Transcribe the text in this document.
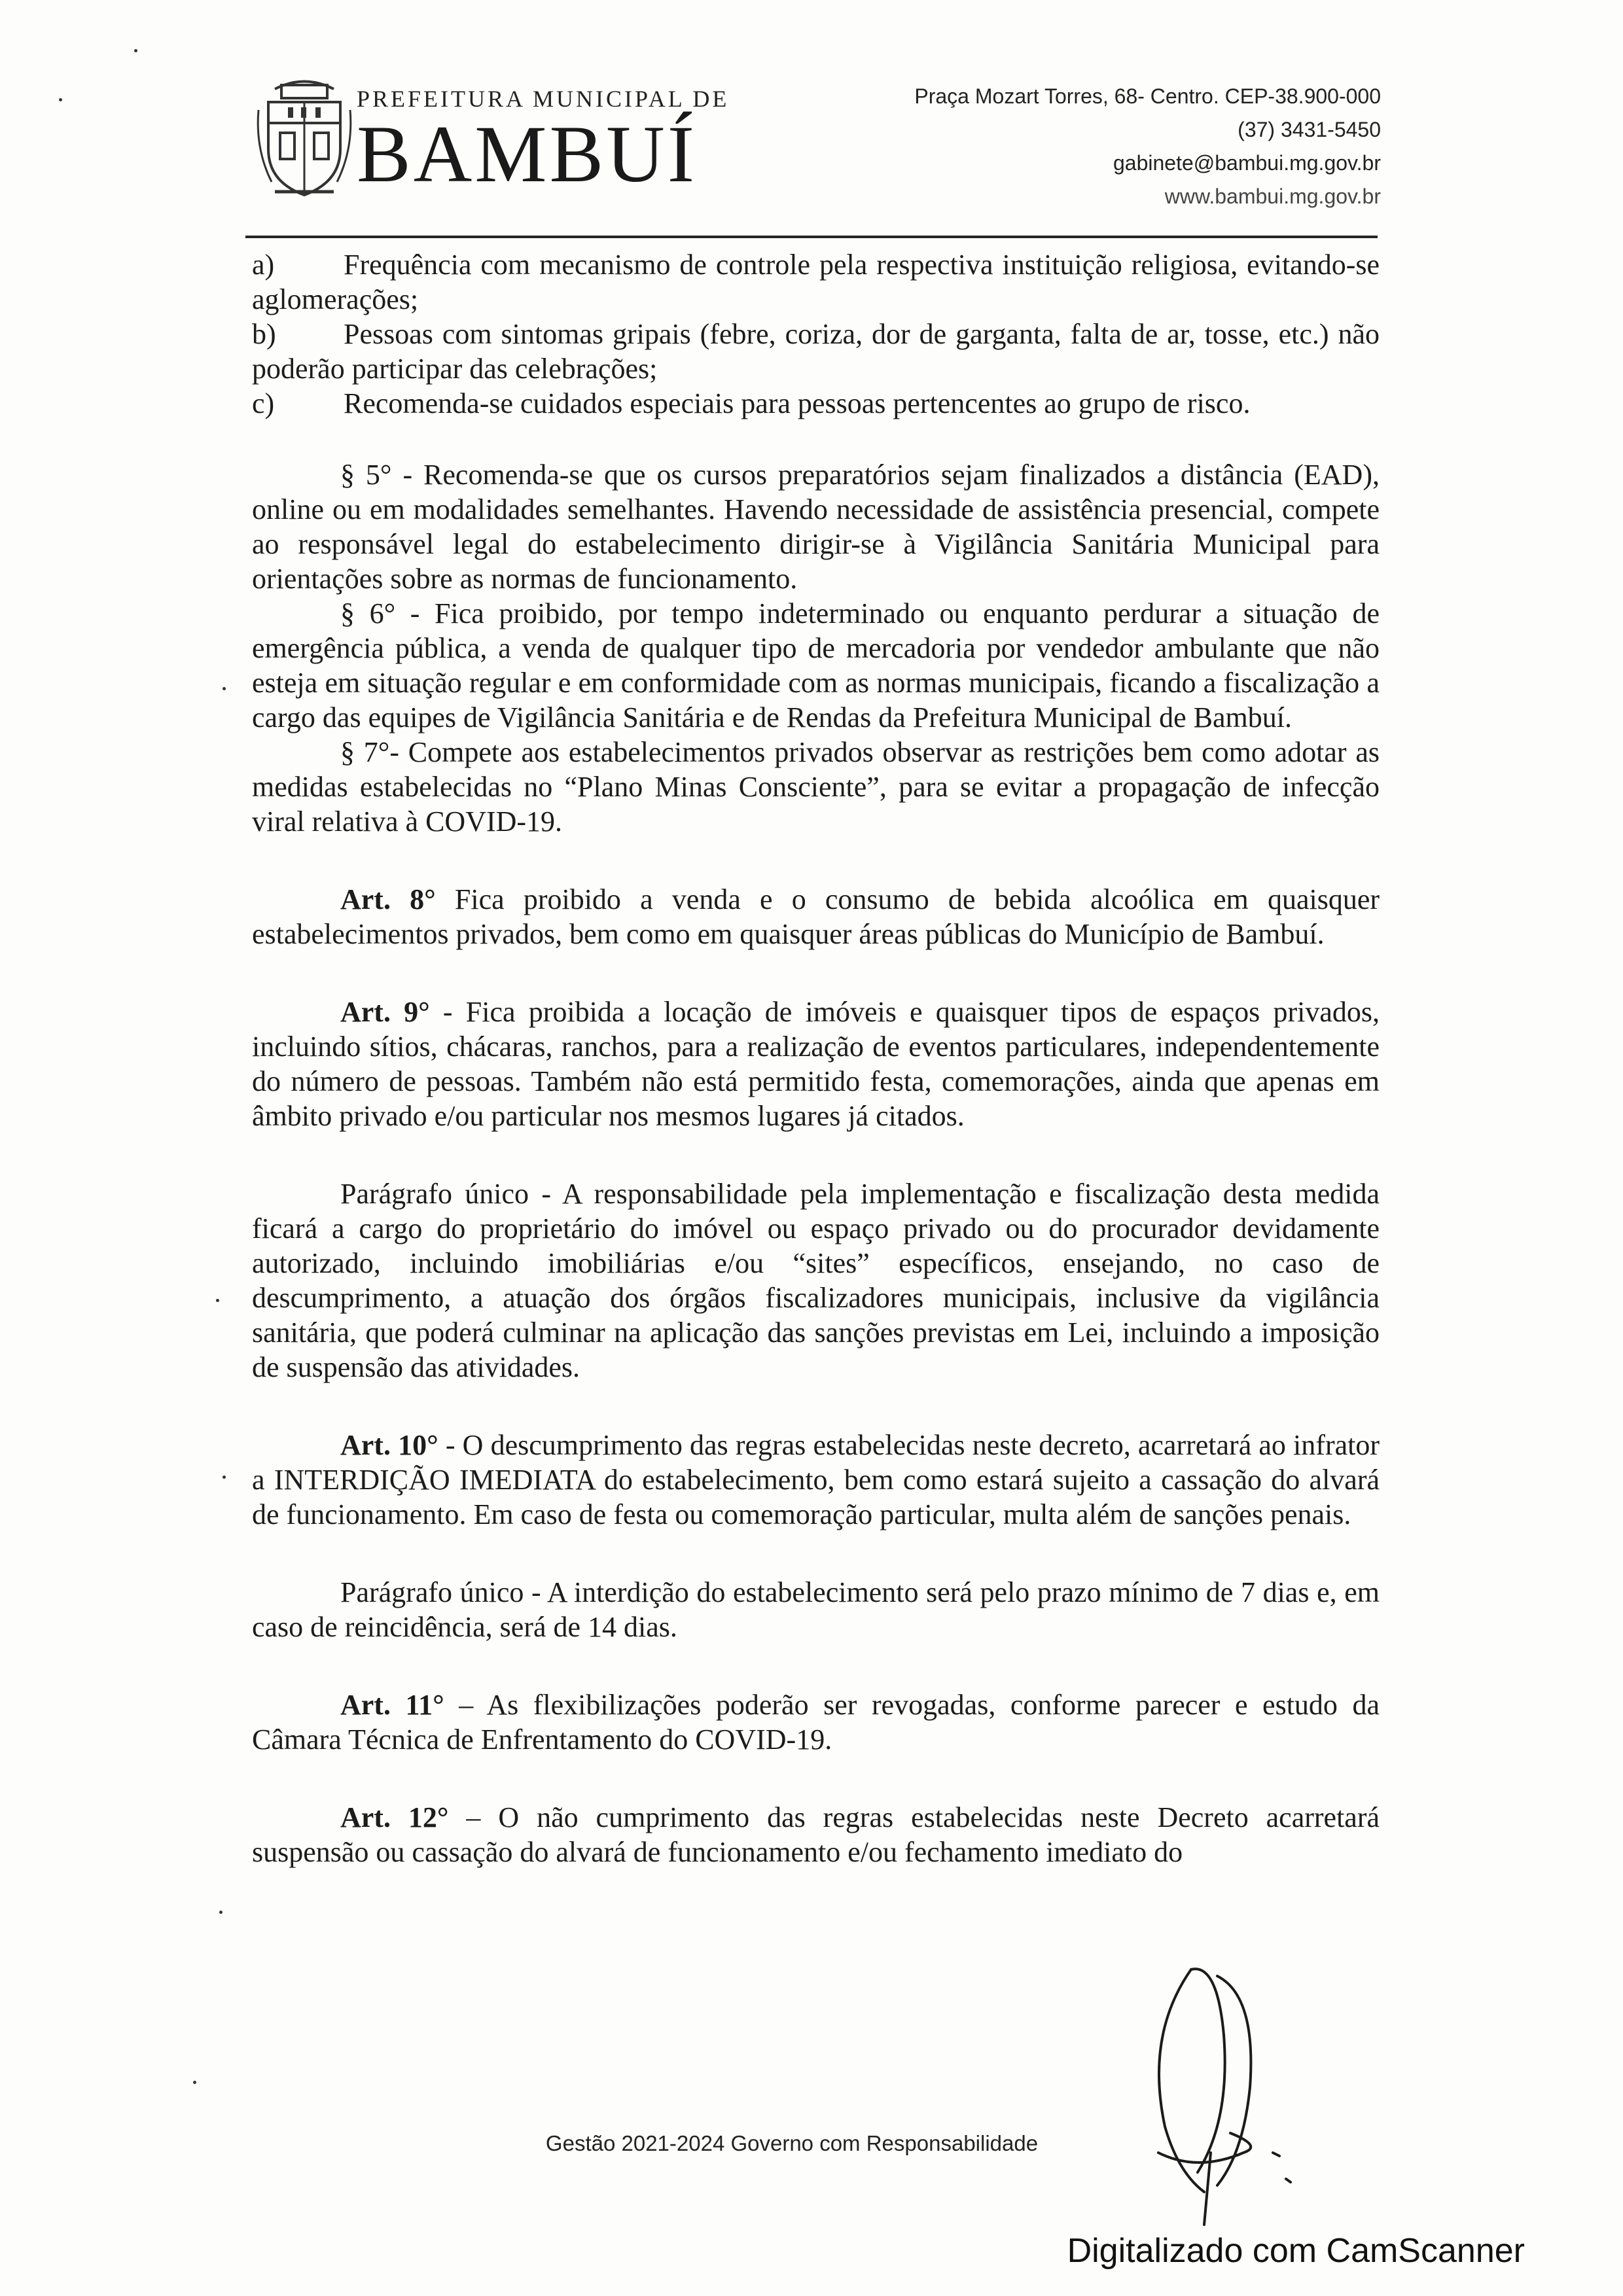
PREFEITURA MUNICIPAL DE
BAMBUÍ
Praça Mozart Torres, 68- Centro. CEP-38.900-000
(37) 3431-5450
gabinete@bambui.mg.gov.br
www.bambui.mg.gov.br

a) Frequência com mecanismo de controle pela respectiva instituição religiosa, evitando-se aglomerações;

b) Pessoas com sintomas gripais (febre, coriza, dor de garganta, falta de ar, tosse, etc.) não poderão participar das celebrações;

c) Recomenda-se cuidados especiais para pessoas pertencentes ao grupo de risco.

§ 5° - Recomenda-se que os cursos preparatórios sejam finalizados a distância (EAD), online ou em modalidades semelhantes. Havendo necessidade de assistência presencial, compete ao responsável legal do estabelecimento dirigir-se à Vigilância Sanitária Municipal para orientações sobre as normas de funcionamento.

§ 6° - Fica proibido, por tempo indeterminado ou enquanto perdurar a situação de emergência pública, a venda de qualquer tipo de mercadoria por vendedor ambulante que não esteja em situação regular e em conformidade com as normas municipais, ficando a fiscalização a cargo das equipes de Vigilância Sanitária e de Rendas da Prefeitura Municipal de Bambuí.

§ 7°- Compete aos estabelecimentos privados observar as restrições bem como adotar as medidas estabelecidas no “Plano Minas Consciente”, para se evitar a propagação de infecção viral relativa à COVID-19.

Art. 8° Fica proibido a venda e o consumo de bebida alcoólica em quaisquer estabelecimentos privados, bem como em quaisquer áreas públicas do Município de Bambuí.

Art. 9° - Fica proibida a locação de imóveis e quaisquer tipos de espaços privados, incluindo sítios, chácaras, ranchos, para a realização de eventos particulares, independentemente do número de pessoas. Também não está permitido festa, comemorações, ainda que apenas em âmbito privado e/ou particular nos mesmos lugares já citados.

Parágrafo único - A responsabilidade pela implementação e fiscalização desta medida ficará a cargo do proprietário do imóvel ou espaço privado ou do procurador devidamente autorizado, incluindo imobiliárias e/ou “sites” específicos, ensejando, no caso de descumprimento, a atuação dos órgãos fiscalizadores municipais, inclusive da vigilância sanitária, que poderá culminar na aplicação das sanções previstas em Lei, incluindo a imposição de suspensão das atividades.

Art. 10° - O descumprimento das regras estabelecidas neste decreto, acarretará ao infrator a INTERDIÇÃO IMEDIATA do estabelecimento, bem como estará sujeito a cassação do alvará de funcionamento. Em caso de festa ou comemoração particular, multa além de sanções penais.

Parágrafo único - A interdição do estabelecimento será pelo prazo mínimo de 7 dias e, em caso de reincidência, será de 14 dias.

Art. 11° – As flexibilizações poderão ser revogadas, conforme parecer e estudo da Câmara Técnica de Enfrentamento do COVID-19.

Art. 12° – O não cumprimento das regras estabelecidas neste Decreto acarretará suspensão ou cassação do alvará de funcionamento e/ou fechamento imediato do

Gestão 2021-2024 Governo com Responsabilidade
Digitalizado com CamScanner
